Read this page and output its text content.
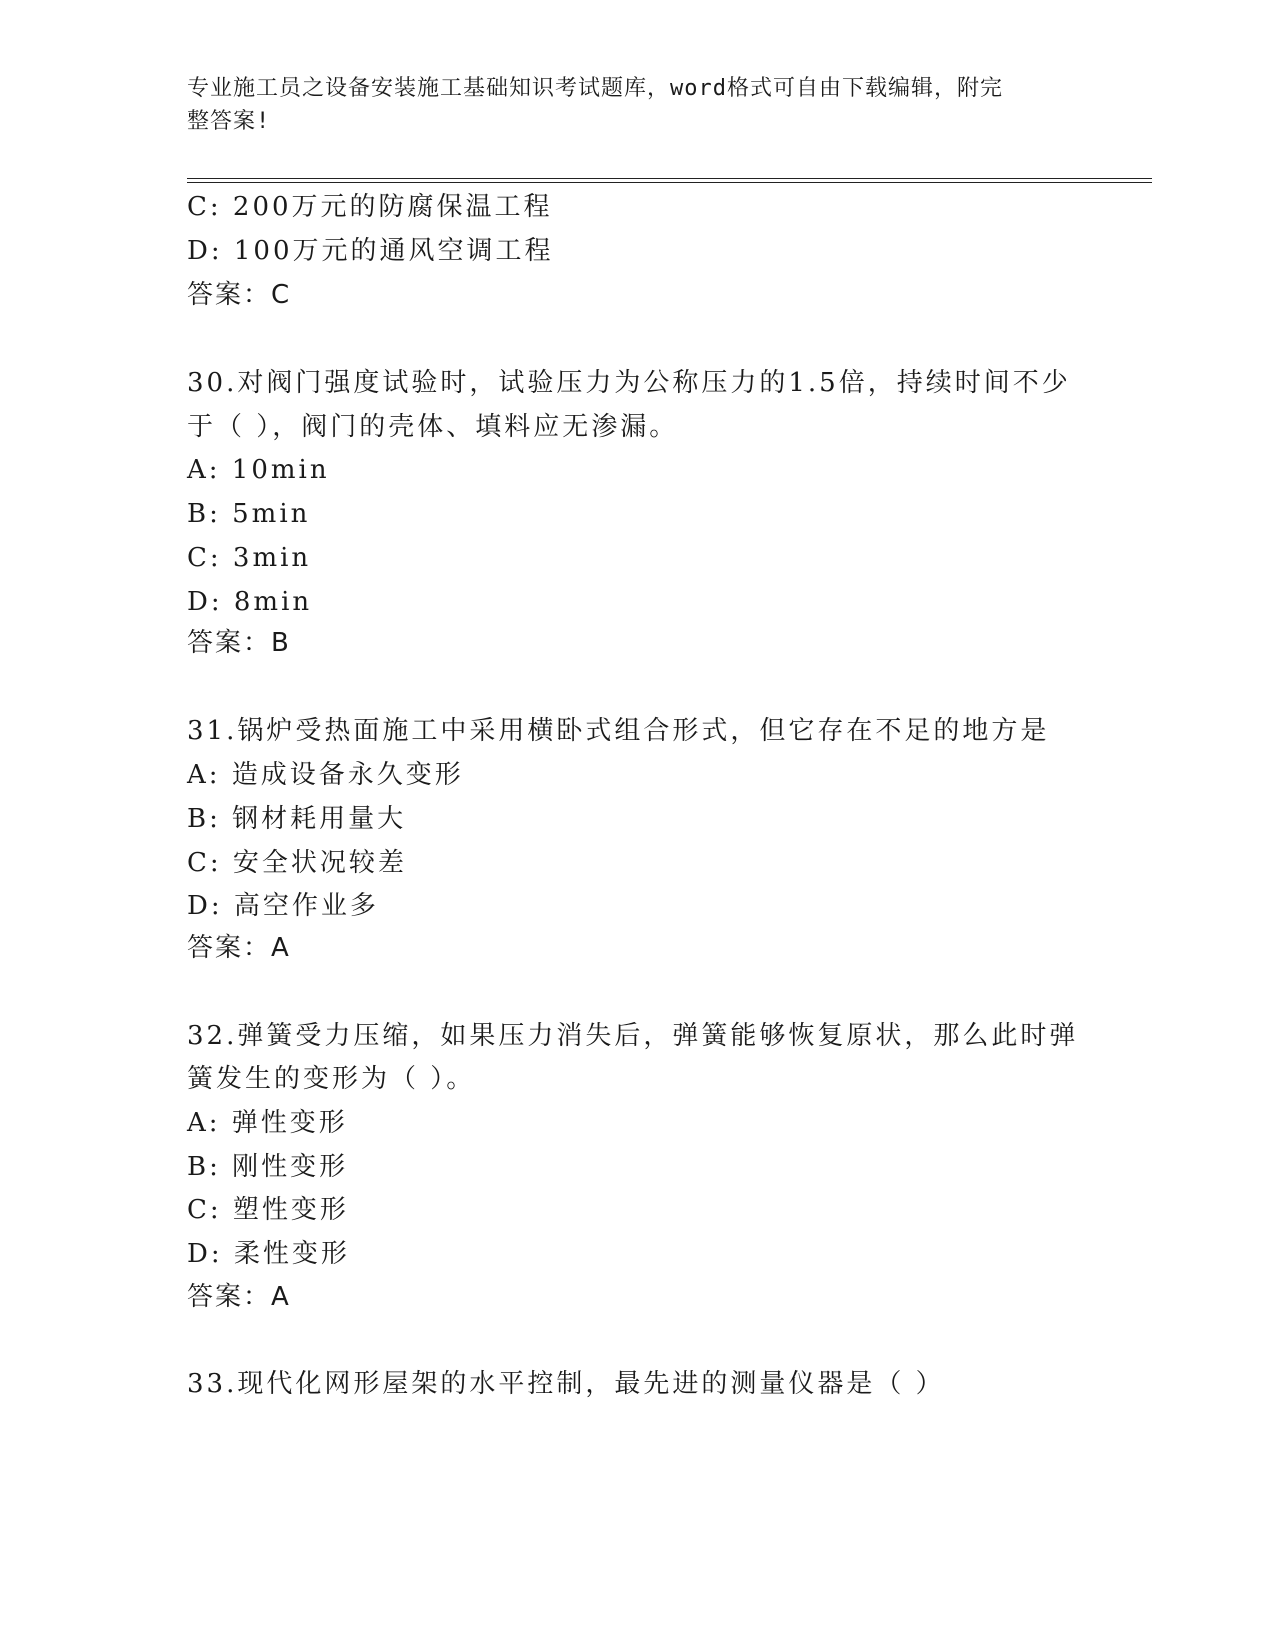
专业施工员之设备安装施工基础知识考试题库，word格式可自由下载编辑，附完
整答案!
C: 200万元的防腐保温工程
D: 100万元的通风空调工程
答案：C
30.对阀门强度试验时，试验压力为公称压力的1.5倍，持续时间不少
于（ ），阀门的壳体、填料应无渗漏。
A: 10min
B: 5min
C: 3min
D: 8min
答案：B
31.锅炉受热面施工中采用横卧式组合形式，但它存在不足的地方是
A: 造成设备永久变形
B: 钢材耗用量大
C: 安全状况较差
D: 高空作业多
答案：A
32.弹簧受力压缩，如果压力消失后，弹簧能够恢复原状，那么此时弹
簧发生的变形为（ ）。
A: 弹性变形
B: 刚性变形
C: 塑性变形
D: 柔性变形
答案：A
33.现代化网形屋架的水平控制，最先进的测量仪器是（ ）
